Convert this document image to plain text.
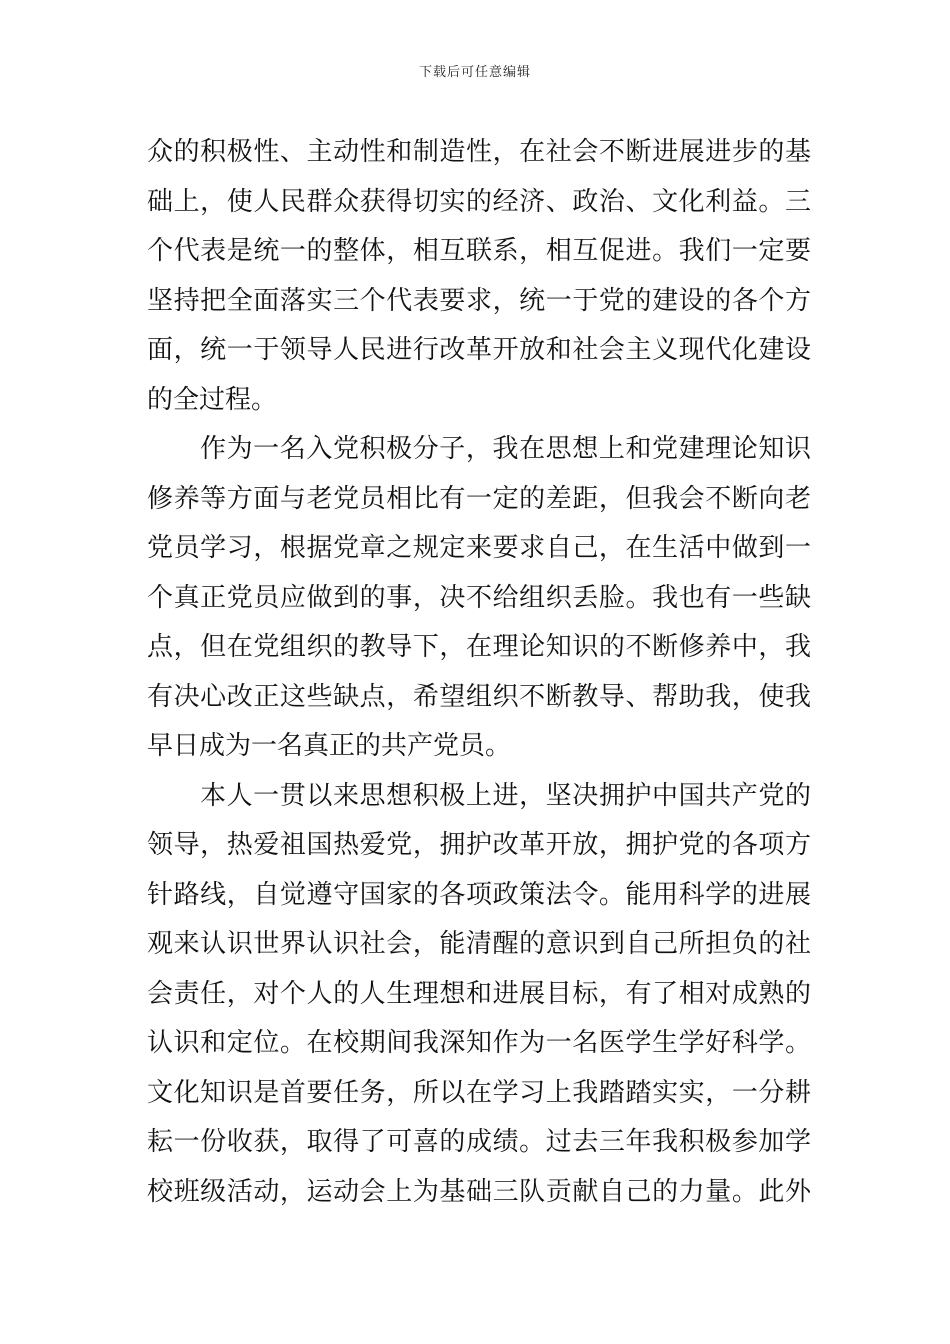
下载后可任意编辑
众的积极性、主动性和制造性，在社会不断进展进步的基
础上，使人民群众获得切实的经济、政治、文化利益。三
个代表是统一的整体，相互联系，相互促进。我们一定要
坚持把全面落实三个代表要求，统一于党的建设的各个方
面，统一于领导人民进行改革开放和社会主义现代化建设
的全过程。
作为一名入党积极分子，我在思想上和党建理论知识
修养等方面与老党员相比有一定的差距，但我会不断向老
党员学习，根据党章之规定来要求自己，在生活中做到一
个真正党员应做到的事，决不给组织丢脸。我也有一些缺
点，但在党组织的教导下，在理论知识的不断修养中，我
有决心改正这些缺点，希望组织不断教导、帮助我，使我
早日成为一名真正的共产党员。
本人一贯以来思想积极上进，坚决拥护中国共产党的
领导，热爱祖国热爱党，拥护改革开放，拥护党的各项方
针路线，自觉遵守国家的各项政策法令。能用科学的进展
观来认识世界认识社会，能清醒的意识到自己所担负的社
会责任，对个人的人生理想和进展目标，有了相对成熟的
认识和定位。在校期间我深知作为一名医学生学好科学。
文化知识是首要任务，所以在学习上我踏踏实实，一分耕
耘一份收获，取得了可喜的成绩。过去三年我积极参加学
校班级活动，运动会上为基础三队贡献自己的力量。此外
